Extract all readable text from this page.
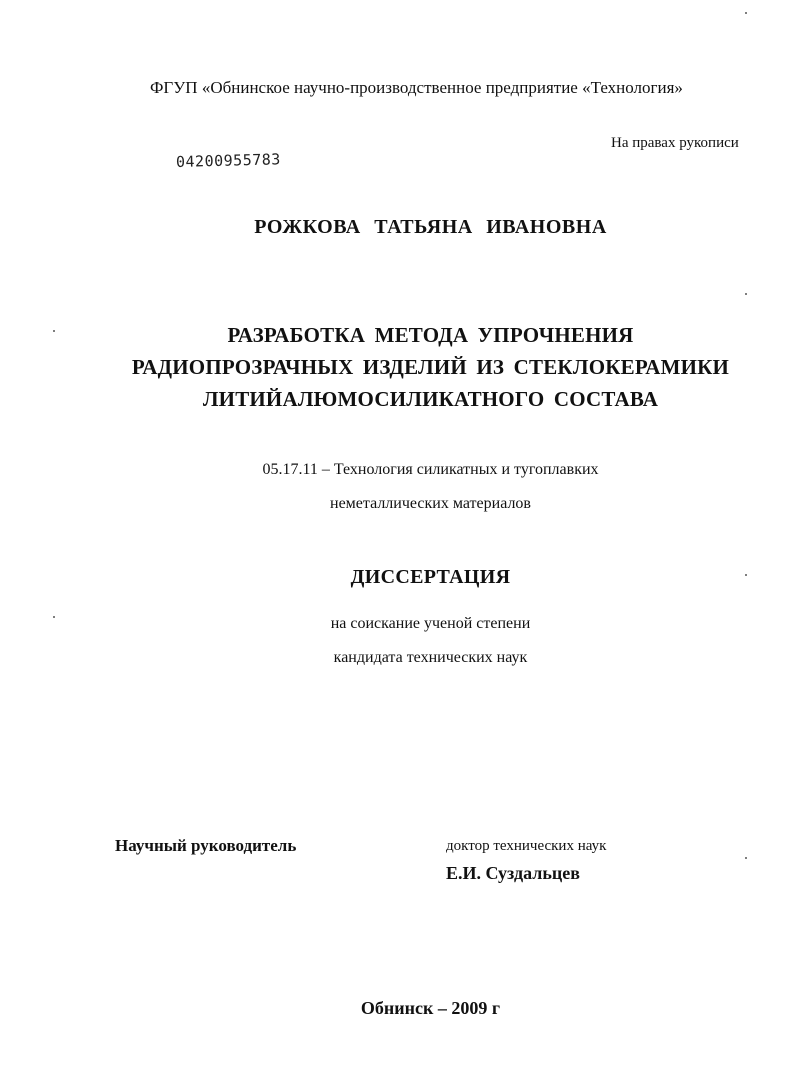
ФГУП «Обнинское научно-производственное предприятие «Технология»
На правах рукописи
04200955783
РОЖКОВА ТАТЬЯНА ИВАНОВНА
РАЗРАБОТКА МЕТОДА УПРОЧНЕНИЯ
РАДИОПРОЗРАЧНЫХ ИЗДЕЛИЙ ИЗ СТЕКЛОКЕРАМИКИ
ЛИТИЙАЛЮМОСИЛИКАТНОГО СОСТАВА
05.17.11 – Технология силикатных и тугоплавких
неметаллических материалов
ДИССЕРТАЦИЯ
на соискание ученой степени
кандидата технических наук
Научный руководитель	доктор технических наук
Е.И. Суздальцев
Обнинск – 2009 г
